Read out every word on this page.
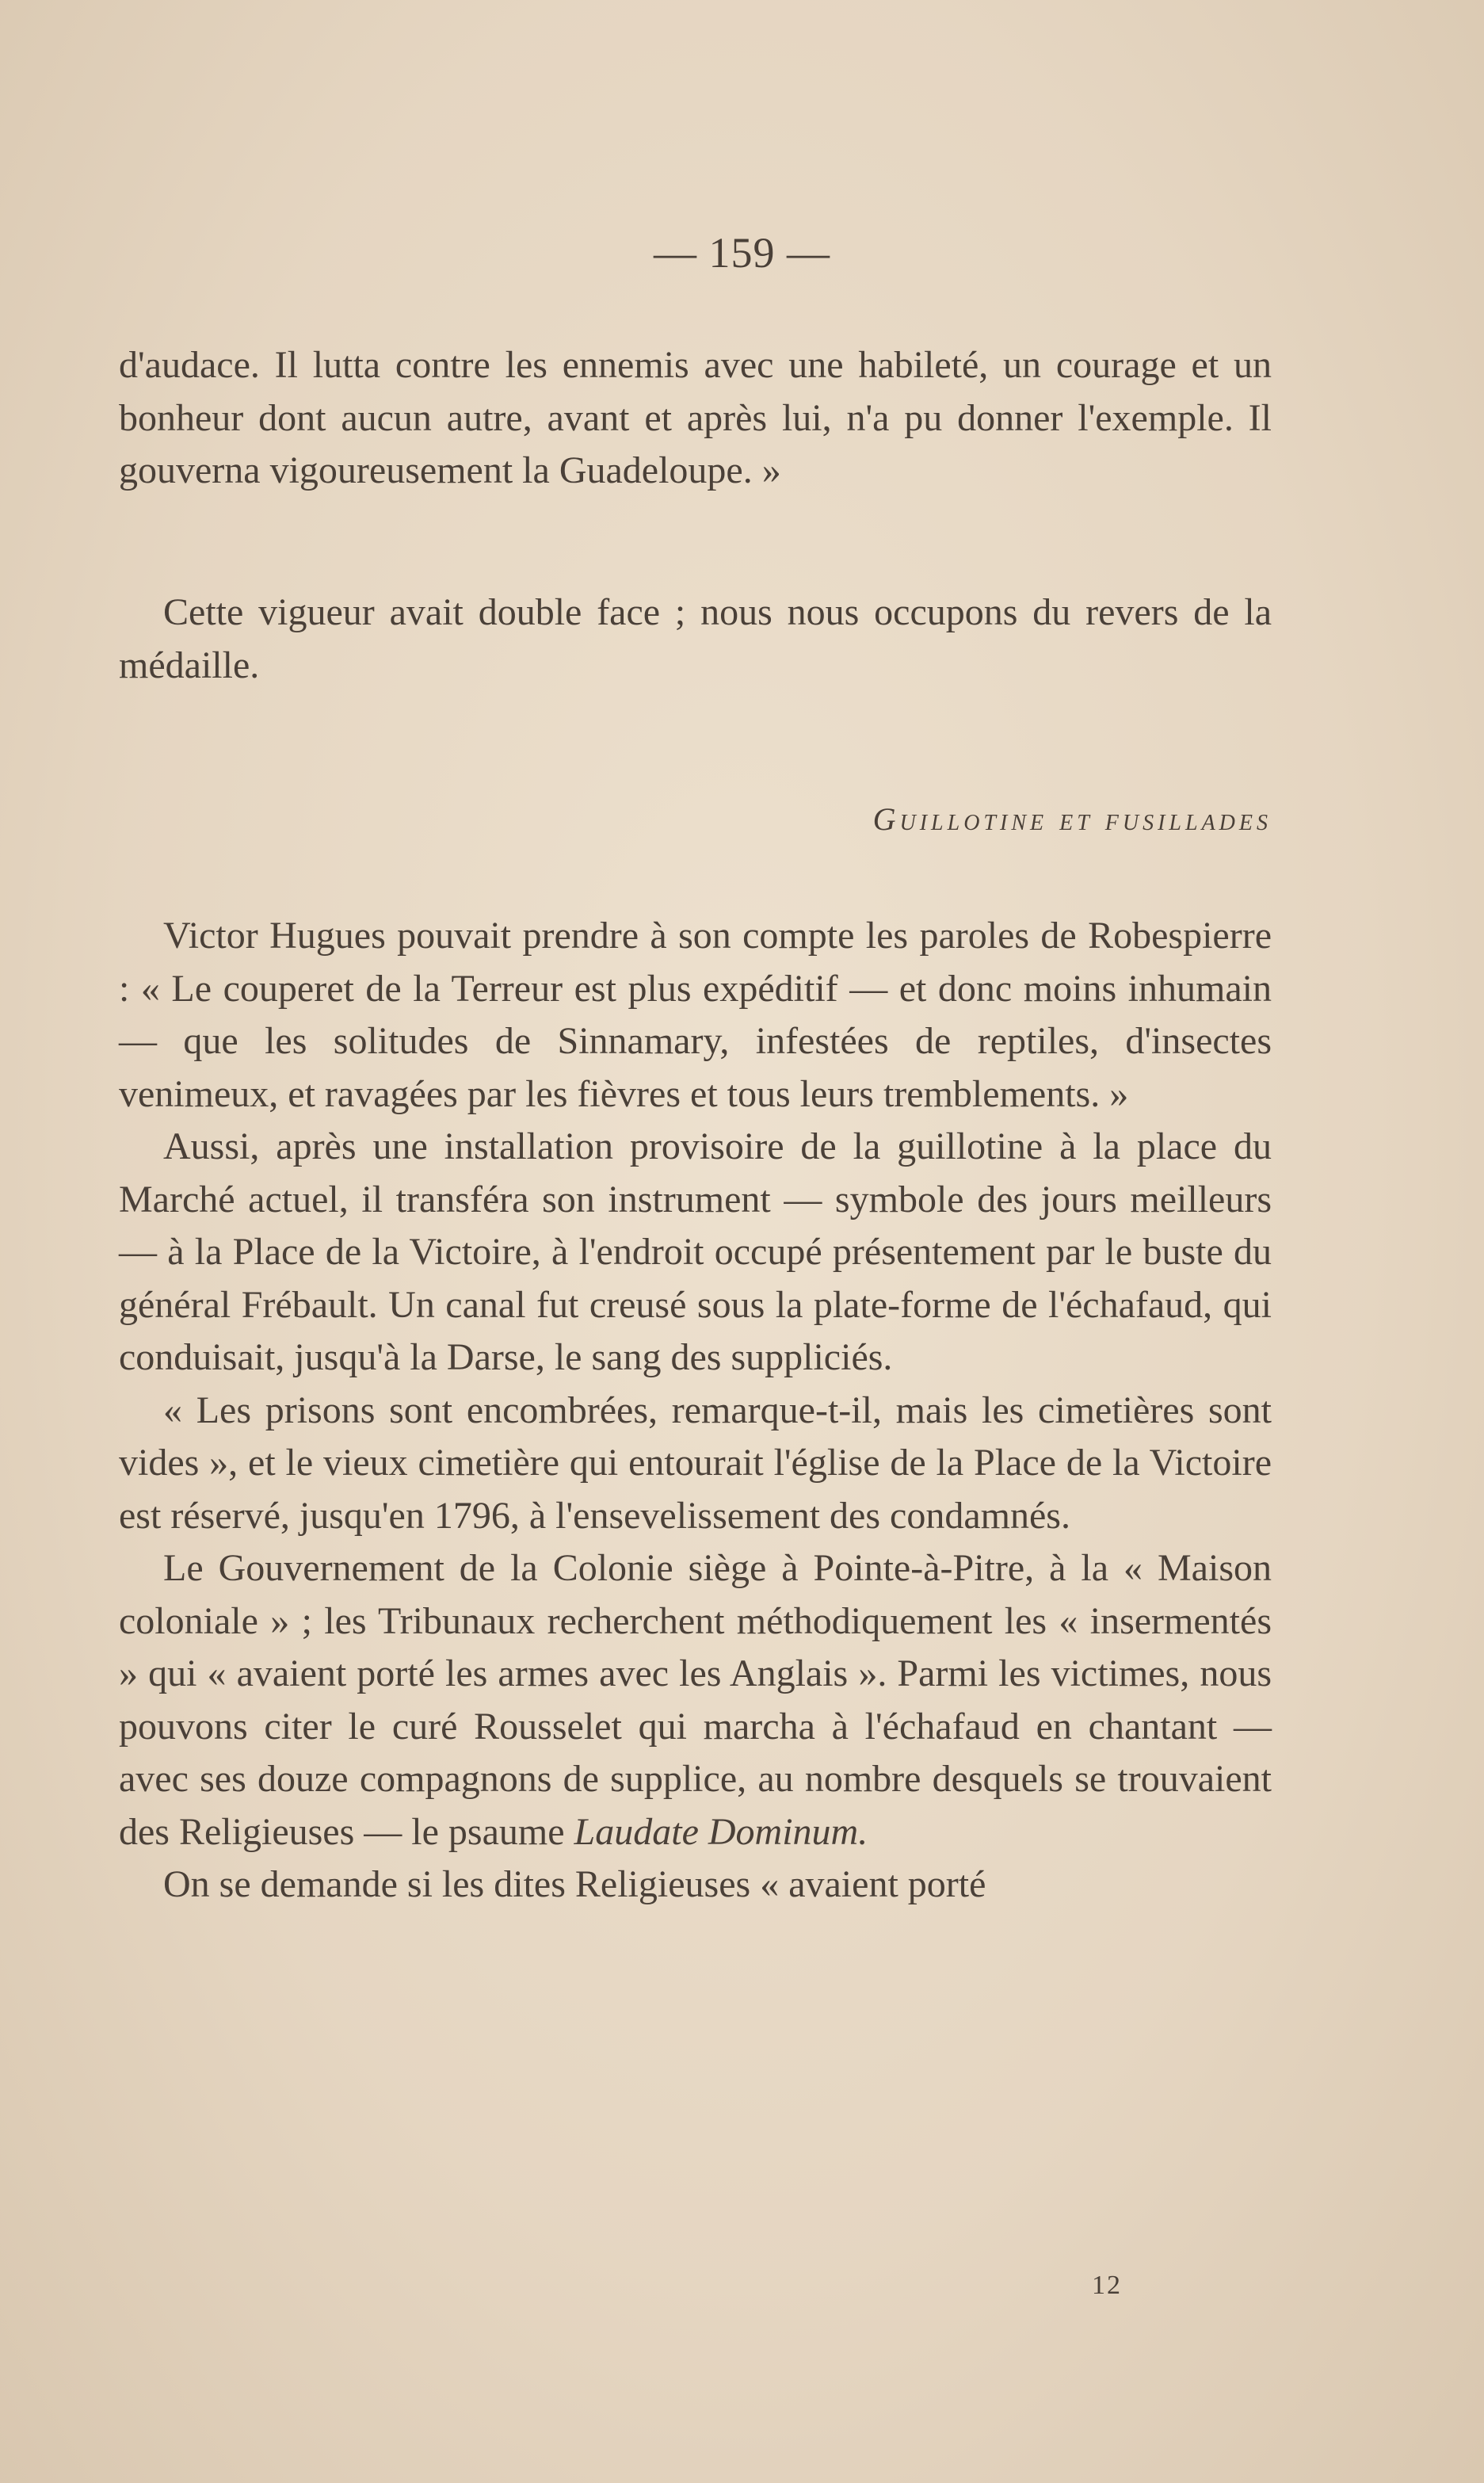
— 159 —

d'audace. Il lutta contre les ennemis avec une habileté, un courage et un bonheur dont aucun autre, avant et après lui, n'a pu donner l'exemple. Il gouverna vigoureusement la Guadeloupe. »

Cette vigueur avait double face ; nous nous occupons du revers de la médaille.

Guillotine et fusillades

Victor Hugues pouvait prendre à son compte les paroles de Robespierre : « Le couperet de la Terreur est plus expéditif — et donc moins inhumain — que les solitudes de Sinnamary, infestées de reptiles, d'insectes venimeux, et ravagées par les fièvres et tous leurs tremblements. »

Aussi, après une installation provisoire de la guillotine à la place du Marché actuel, il transféra son instrument — symbole des jours meilleurs — à la Place de la Victoire, à l'endroit occupé présentement par le buste du général Frébault. Un canal fut creusé sous la plate-forme de l'échafaud, qui conduisait, jusqu'à la Darse, le sang des suppliciés.

« Les prisons sont encombrées, remarque-t-il, mais les cimetières sont vides », et le vieux cimetière qui entourait l'église de la Place de la Victoire est réservé, jusqu'en 1796, à l'ensevelissement des condamnés.

Le Gouvernement de la Colonie siège à Pointe-à-Pitre, à la « Maison coloniale » ; les Tribunaux recherchent méthodiquement les « insermentés » qui « avaient porté les armes avec les Anglais ». Parmi les victimes, nous pouvons citer le curé Rousselet qui marcha à l'échafaud en chantant — avec ses douze compagnons de supplice, au nombre desquels se trouvaient des Religieuses — le psaume Laudate Dominum.

On se demande si les dites Religieuses « avaient porté

12
